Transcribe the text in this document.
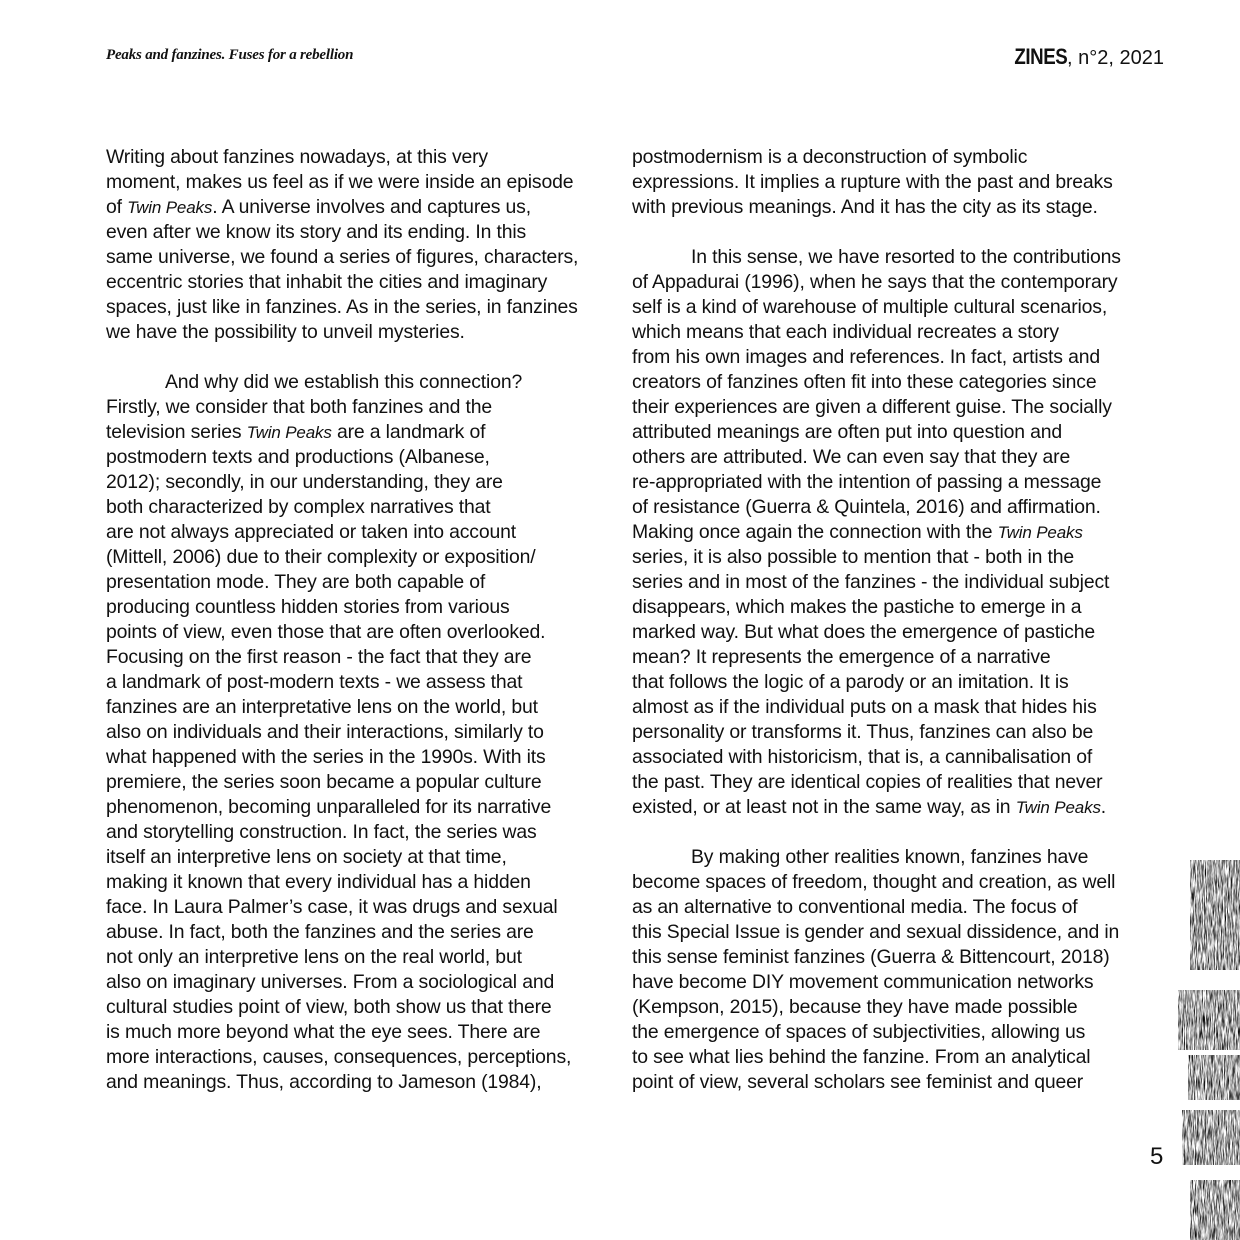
Peaks and fanzines. Fuses for a rebellion	ZINES, n°2, 2021
Writing about fanzines nowadays, at this very
moment, makes us feel as if we were inside an episode
of Twin Peaks. A universe involves and captures us,
even after we know its story and its ending. In this
same universe, we found a series of figures, characters,
eccentric stories that inhabit the cities and imaginary
spaces, just like in fanzines. As in the series, in fanzines
we have the possibility to unveil mysteries.
And why did we establish this connection?
Firstly, we consider that both fanzines and the
television series Twin Peaks are a landmark of
postmodern texts and productions (Albanese,
2012); secondly, in our understanding, they are
both characterized by complex narratives that
are not always appreciated or taken into account
(Mittell, 2006) due to their complexity or exposition/
presentation mode. They are both capable of
producing countless hidden stories from various
points of view, even those that are often overlooked.
Focusing on the first reason - the fact that they are
a landmark of post-modern texts - we assess that
fanzines are an interpretative lens on the world, but
also on individuals and their interactions, similarly to
what happened with the series in the 1990s. With its
premiere, the series soon became a popular culture
phenomenon, becoming unparalleled for its narrative
and storytelling construction. In fact, the series was
itself an interpretive lens on society at that time,
making it known that every individual has a hidden
face. In Laura Palmer’s case, it was drugs and sexual
abuse. In fact, both the fanzines and the series are
not only an interpretive lens on the real world, but
also on imaginary universes. From a sociological and
cultural studies point of view, both show us that there
is much more beyond what the eye sees. There are
more interactions, causes, consequences, perceptions,
and meanings. Thus, according to Jameson (1984),
postmodernism is a deconstruction of symbolic
expressions. It implies a rupture with the past and breaks
with previous meanings. And it has the city as its stage.
In this sense, we have resorted to the contributions
of Appadurai (1996), when he says that the contemporary
self is a kind of warehouse of multiple cultural scenarios,
which means that each individual recreates a story
from his own images and references. In fact, artists and
creators of fanzines often fit into these categories since
their experiences are given a different guise. The socially
attributed meanings are often put into question and
others are attributed. We can even say that they are
re-appropriated with the intention of passing a message
of resistance (Guerra & Quintela, 2016) and affirmation.
Making once again the connection with the Twin Peaks
series, it is also possible to mention that - both in the
series and in most of the fanzines - the individual subject
disappears, which makes the pastiche to emerge in a
marked way. But what does the emergence of pastiche
mean? It represents the emergence of a narrative
that follows the logic of a parody or an imitation. It is
almost as if the individual puts on a mask that hides his
personality or transforms it. Thus, fanzines can also be
associated with historicism, that is, a cannibalisation of
the past. They are identical copies of realities that never
existed, or at least not in the same way, as in Twin Peaks.
By making other realities known, fanzines have
become spaces of freedom, thought and creation, as well
as an alternative to conventional media. The focus of
this Special Issue is gender and sexual dissidence, and in
this sense feminist fanzines (Guerra & Bittencourt, 2018)
have become DIY movement communication networks
(Kempson, 2015), because they have made possible
the emergence of spaces of subjectivities, allowing us
to see what lies behind the fanzine. From an analytical
point of view, several scholars see feminist and queer
5
